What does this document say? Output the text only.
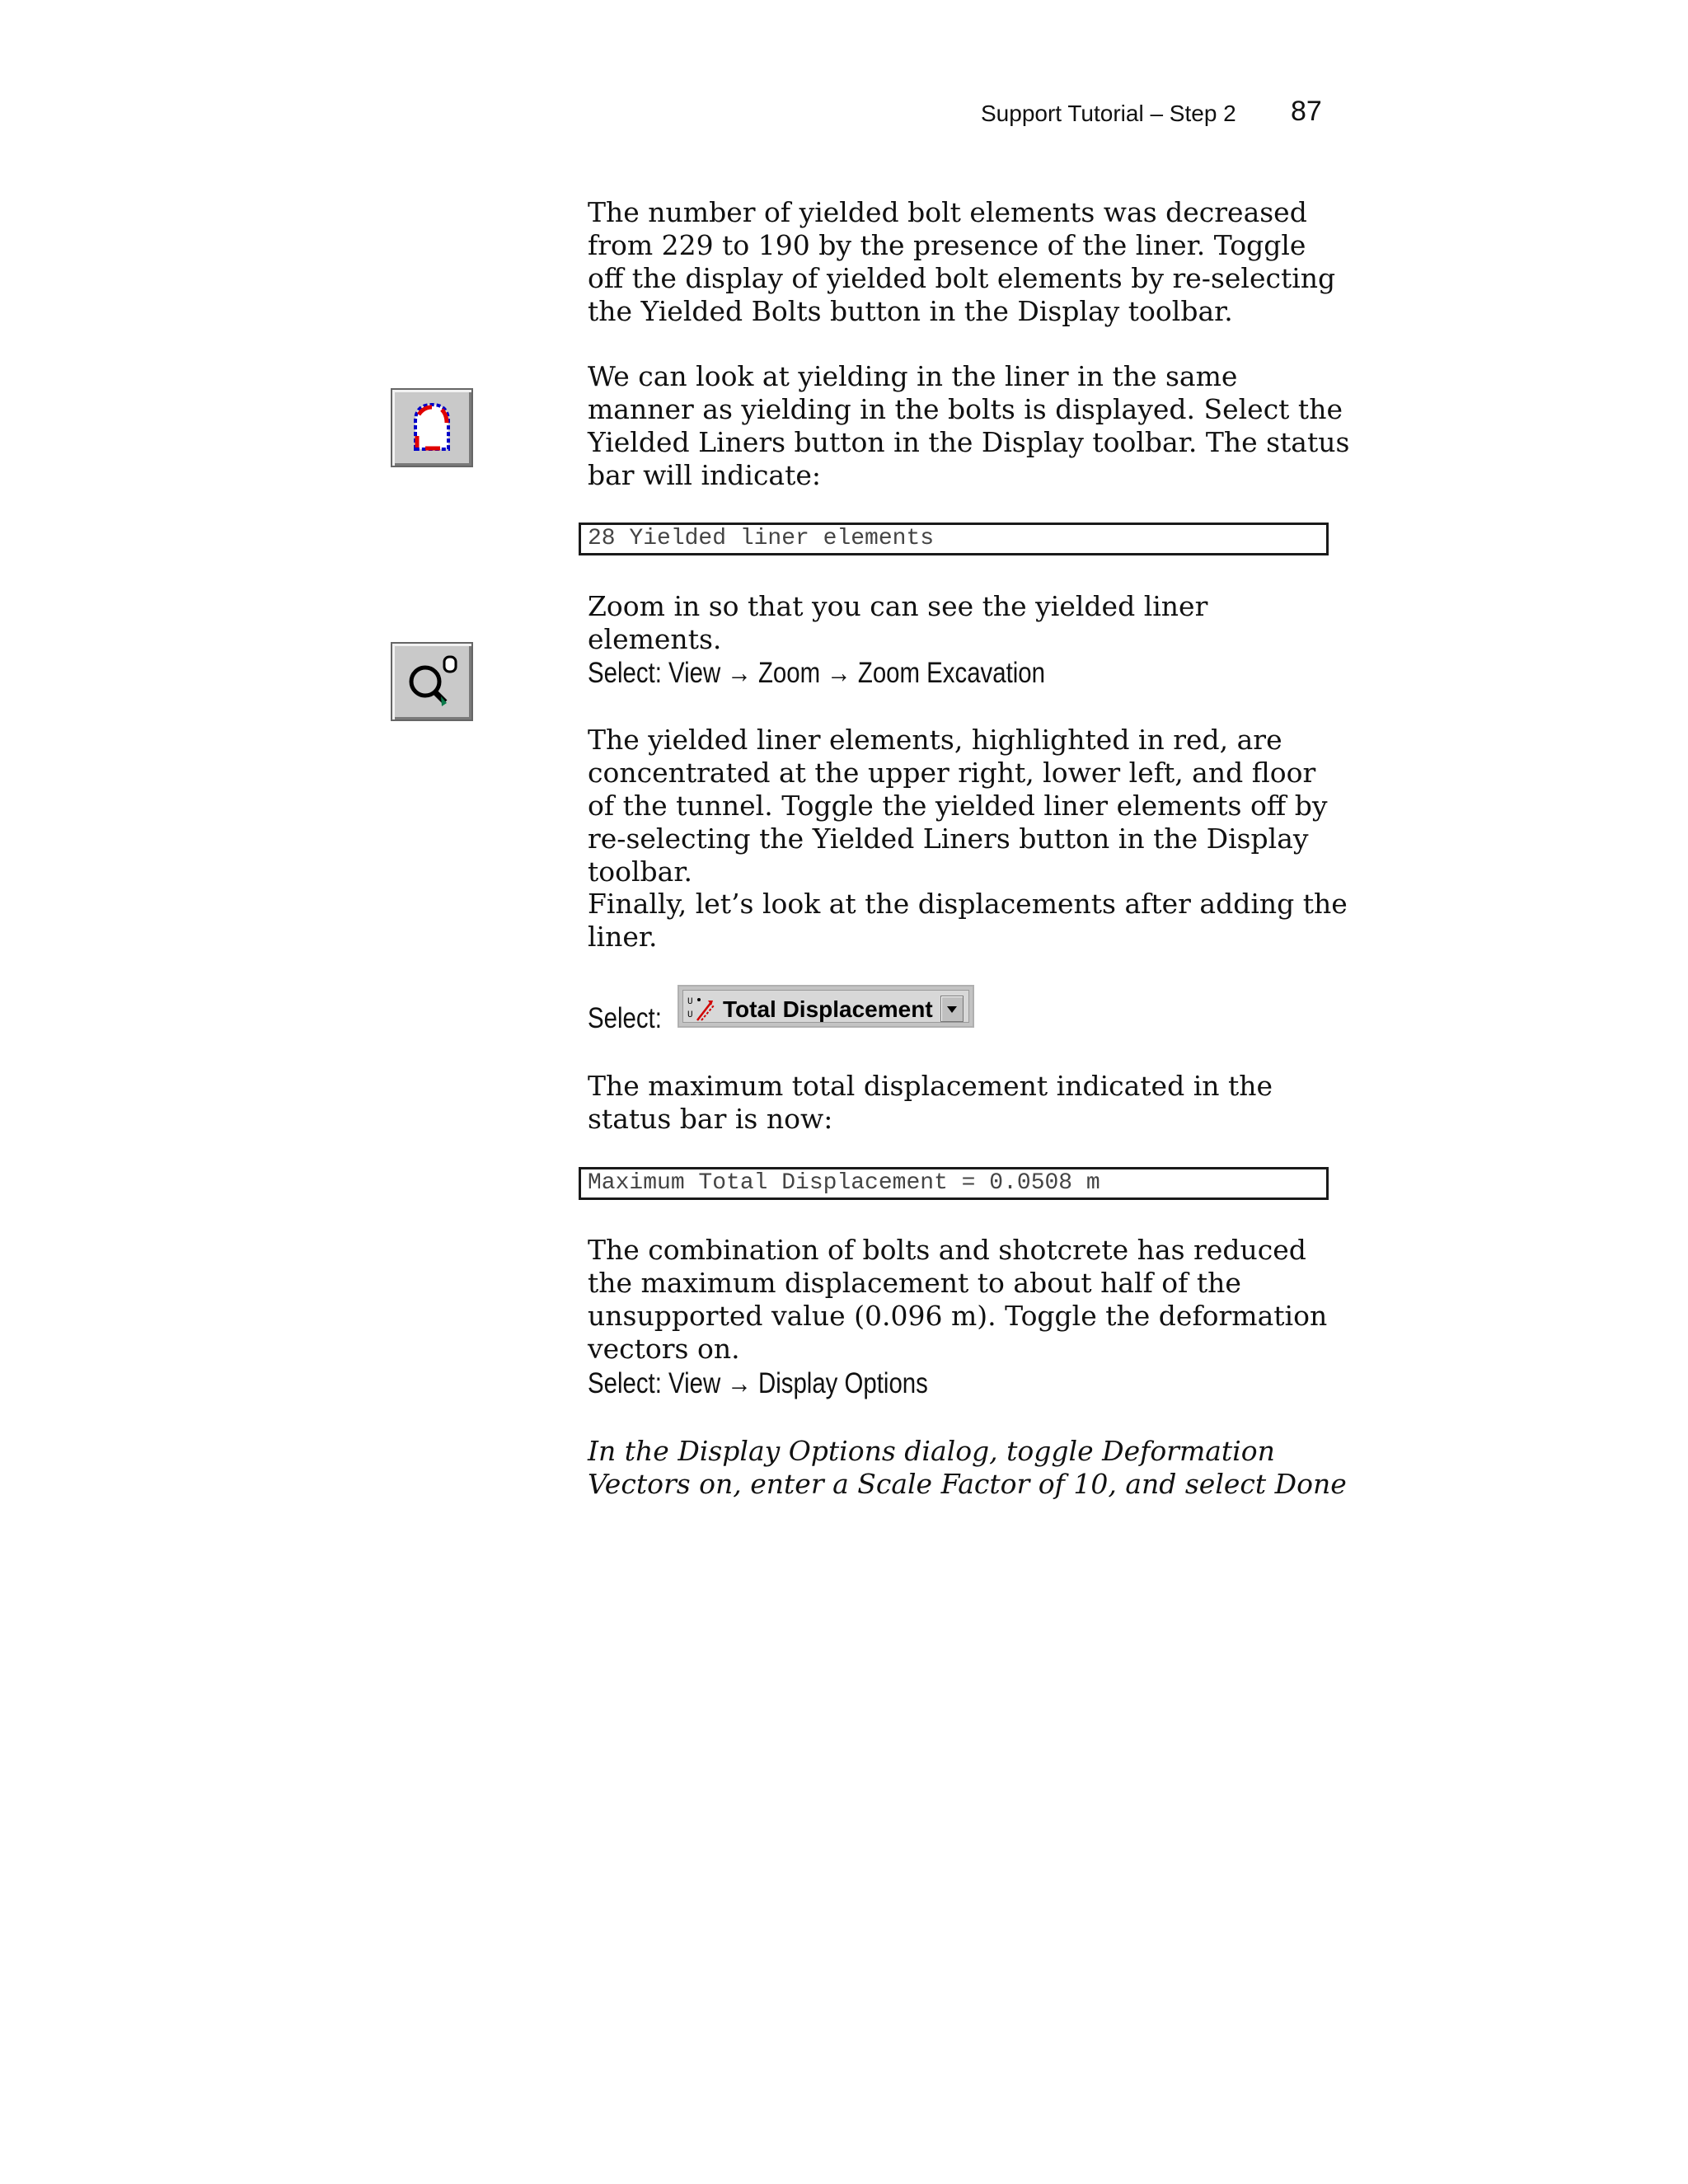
Support Tutorial – Step 2 87
The number of yielded bolt elements was decreased from 229 to 190 by the presence of the liner. Toggle off the display of yielded bolt elements by re-selecting the Yielded Bolts button in the Display toolbar.
We can look at yielding in the liner in the same manner as yielding in the bolts is displayed. Select the Yielded Liners button in the Display toolbar. The status bar will indicate:
28 Yielded liner elements
Zoom in so that you can see the yielded liner elements.
Select: View → Zoom → Zoom Excavation
The yielded liner elements, highlighted in red, are concentrated at the upper right, lower left, and floor of the tunnel. Toggle the yielded liner elements off by re-selecting the Yielded Liners button in the Display toolbar.
Finally, let’s look at the displacements after adding the liner.
Select:	U
U Total Displacement
The maximum total displacement indicated in the status bar is now:
Maximum Total Displacement = 0.0508 m
The combination of bolts and shotcrete has reduced the maximum displacement to about half of the unsupported value (0.096 m). Toggle the deformation vectors on.
Select: View → Display Options
In the Display Options dialog, toggle Deformation Vectors on, enter a Scale Factor of 10, and select Done
